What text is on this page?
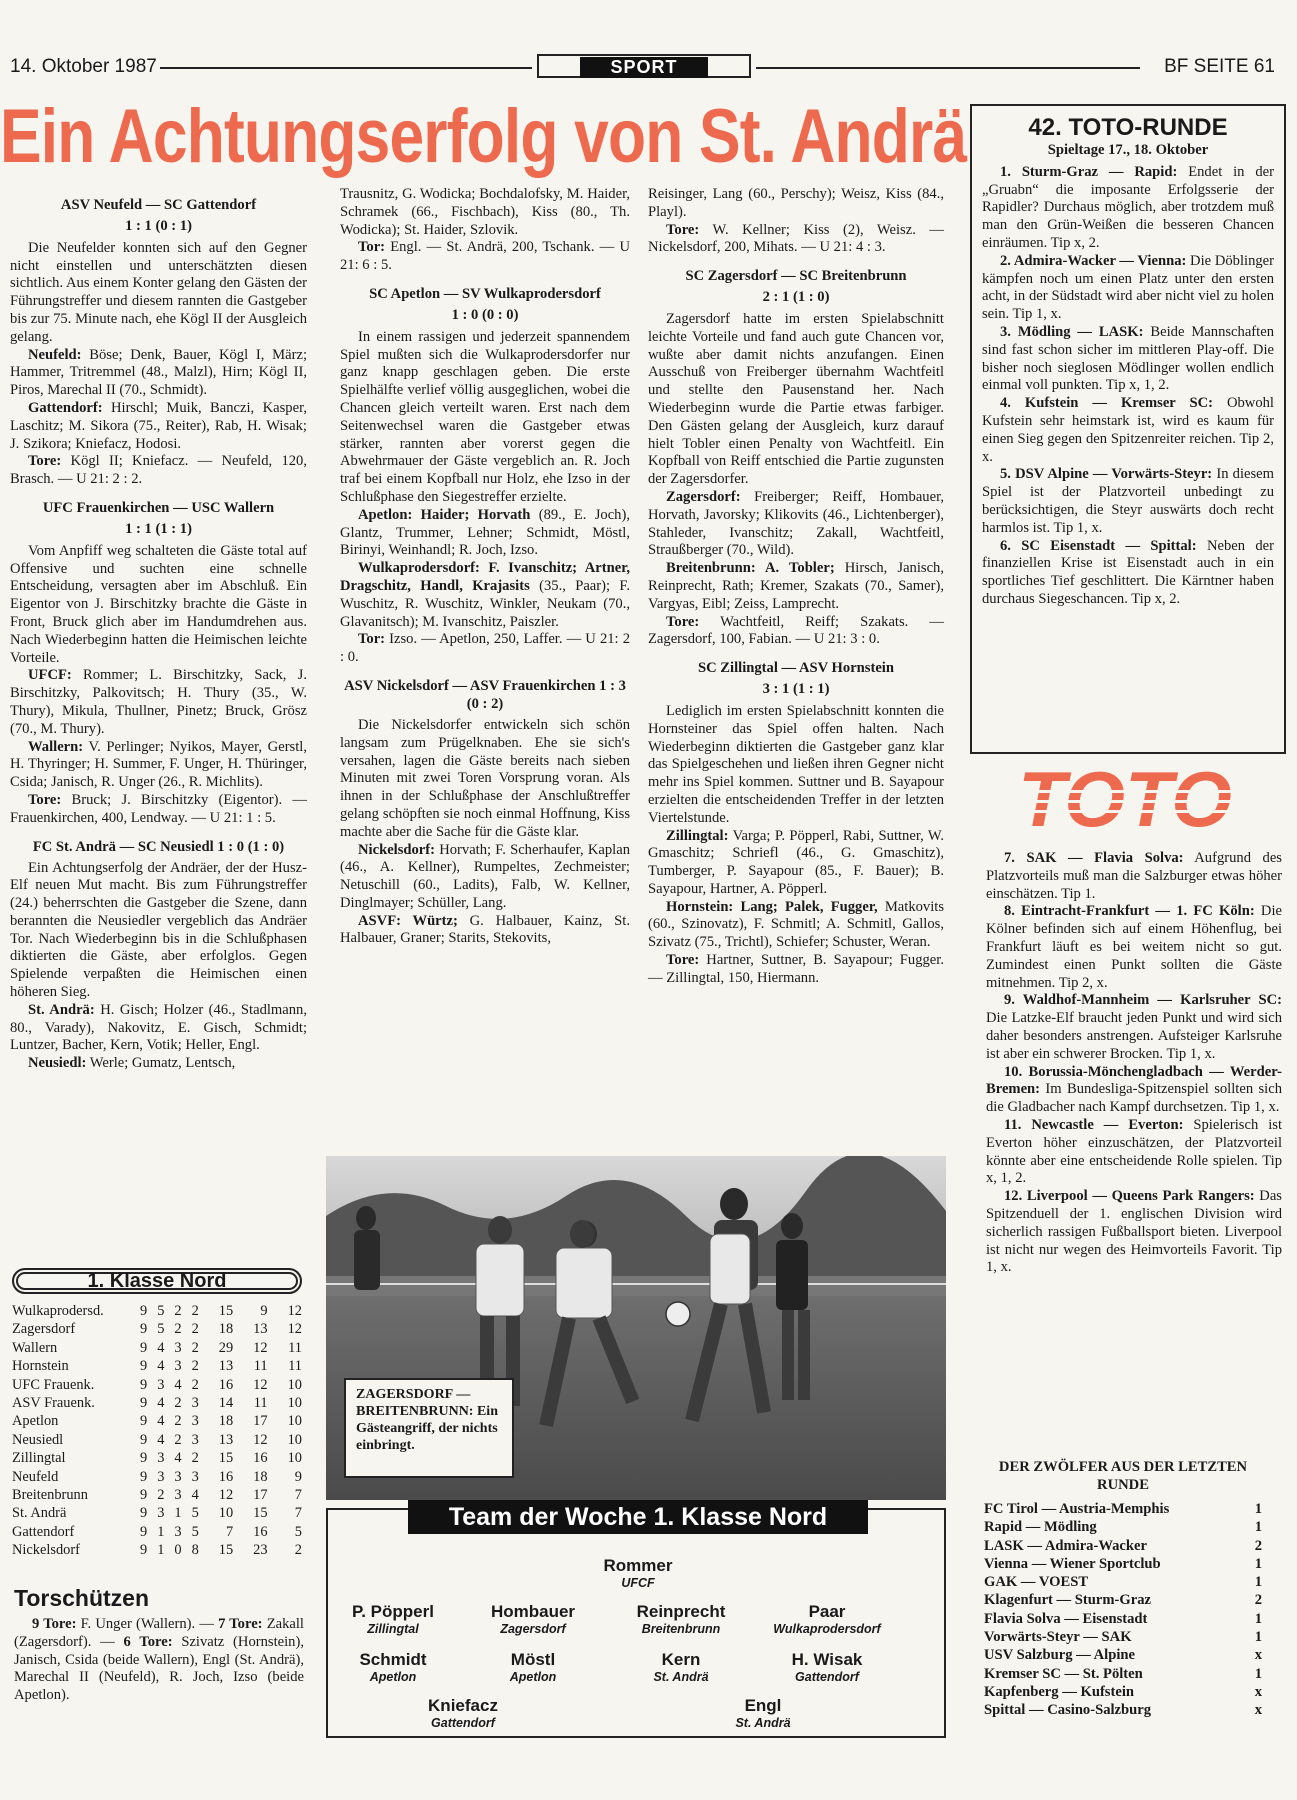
14. Oktober 1987	SPORT	BF SEITE 61
Ein Achtungserfolg von St. Andrä
ASV Neufeld — SC Gattendorf

1 : 1 (0 : 1)

Die Neufelder konnten sich auf den Gegner nicht einstellen und unterschätzten diesen sichtlich. Aus einem Konter gelang den Gästen der Führungstreffer und diesem rannten die Gastgeber bis zur 75. Minute nach, ehe Kögl II der Ausgleich gelang.

Neufeld: Böse; Denk, Bauer, Kögl I, März; Hammer, Tritremmel (48., Malzl), Hirn; Kögl II, Piros, Marechal II (70., Schmidt).

Gattendorf: Hirschl; Muik, Banczi, Kasper, Laschitz; M. Sikora (75., Reiter), Rab, H. Wisak; J. Szikora; Kniefacz, Hodosi.

Tore: Kögl II; Kniefacz. — Neufeld, 120, Brasch. — U 21: 2 : 2.

UFC Frauenkirchen — USC Wallern

1 : 1 (1 : 1)

Vom Anpfiff weg schalteten die Gäste total auf Offensive und suchten eine schnelle Entscheidung, versagten aber im Abschluß. Ein Eigentor von J. Birschitzky brachte die Gäste in Front, Bruck glich aber im Handumdrehen aus. Nach Wiederbeginn hatten die Heimischen leichte Vorteile.

UFCF: Rommer; L. Birschitzky, Sack, J. Birschitzky, Palkovitsch; H. Thury (35., W. Thury), Mikula, Thullner, Pinetz; Bruck, Grösz (70., M. Thury).

Wallern: V. Perlinger; Nyikos, Mayer, Gerstl, H. Thyringer; H. Summer, F. Unger, H. Thüringer, Csida; Janisch, R. Unger (26., R. Michlits).

Tore: Bruck; J. Birschitzky (Eigentor). — Frauenkirchen, 400, Lendway. — U 21: 1 : 5.

FC St. Andrä — SC Neusiedl 1 : 0 (1 : 0)

Ein Achtungserfolg der Andräer, der der Husz-Elf neuen Mut macht. Bis zum Führungstreffer (24.) beherrschten die Gastgeber die Szene, dann berannten die Neusiedler vergeblich das Andräer Tor. Nach Wiederbeginn bis in die Schlußphasen diktierten die Gäste, aber erfolglos. Gegen Spielende verpaßten die Heimischen einen höheren Sieg.

St. Andrä: H. Gisch; Holzer (46., Stadlmann, 80., Varady), Nakovitz, E. Gisch, Schmidt; Luntzer, Bacher, Kern, Votik; Heller, Engl.

Neusiedl: Werle; Gumatz, Lentsch,

Trausnitz, G. Wodicka; Bochdalofsky, M. Haider, Schramek (66., Fischbach), Kiss (80., Th. Wodicka); St. Haider, Szlovik.

Tor: Engl. — St. Andrä, 200, Tschank. — U 21: 6 : 5.

SC Apetlon — SV Wulkaprodersdorf

1 : 0 (0 : 0)

In einem rassigen und jederzeit spannendem Spiel mußten sich die Wulkaprodersdorfer nur ganz knapp geschlagen geben. Die erste Spielhälfte verlief völlig ausgeglichen, wobei die Chancen gleich verteilt waren. Erst nach dem Seitenwechsel waren die Gastgeber etwas stärker, rannten aber vorerst gegen die Abwehrmauer der Gäste vergeblich an. R. Joch traf bei einem Kopfball nur Holz, ehe Izso in der Schlußphase den Siegestreffer erzielte.

Apetlon: Haider; Horvath (89., E. Joch), Glantz, Trummer, Lehner; Schmidt, Möstl, Birinyi, Weinhandl; R. Joch, Izso.

Wulkaprodersdorf: F. Ivanschitz; Artner, Dragschitz, Handl, Krajasits (35., Paar); F. Wuschitz, R. Wuschitz, Winkler, Neukam (70., Glavanitsch); M. Ivanschitz, Paiszler.

Tor: Izso. — Apetlon, 250, Laffer. — U 21: 2 : 0.

ASV Nickelsdorf — ASV Frauenkirchen 1 : 3 (0 : 2)

Die Nickelsdorfer entwickeln sich schön langsam zum Prügelknaben. Ehe sie sich's versahen, lagen die Gäste bereits nach sieben Minuten mit zwei Toren Vorsprung voran. Als ihnen in der Schlußphase der Anschlußtreffer gelang schöpften sie noch einmal Hoffnung, Kiss machte aber die Sache für die Gäste klar.

Nickelsdorf: Horvath; F. Scherhaufer, Kaplan (46., A. Kellner), Rumpeltes, Zechmeister; Netuschill (60., Ladits), Falb, W. Kellner, Dinglmayer; Schüller, Lang.

ASVF: Würtz; G. Halbauer, Kainz, St. Halbauer, Graner; Starits, Stekovits,

Reisinger, Lang (60., Perschy); Weisz, Kiss (84., Playl).

Tore: W. Kellner; Kiss (2), Weisz. — Nickelsdorf, 200, Mihats. — U 21: 4 : 3.

SC Zagersdorf — SC Breitenbrunn

2 : 1 (1 : 0)

Zagersdorf hatte im ersten Spielabschnitt leichte Vorteile und fand auch gute Chancen vor, wußte aber damit nichts anzufangen. Einen Ausschuß von Freiberger übernahm Wachtfeitl und stellte den Pausenstand her. Nach Wiederbeginn wurde die Partie etwas farbiger. Den Gästen gelang der Ausgleich, kurz darauf hielt Tobler einen Penalty von Wachtfeitl. Ein Kopfball von Reiff entschied die Partie zugunsten der Zagersdorfer.

Zagersdorf: Freiberger; Reiff, Hombauer, Horvath, Javorsky; Klikovits (46., Lichtenberger), Stahleder, Ivanschitz; Zakall, Wachtfeitl, Straußberger (70., Wild).

Breitenbrunn: A. Tobler; Hirsch, Janisch, Reinprecht, Rath; Kremer, Szakats (70., Samer), Vargyas, Eibl; Zeiss, Lamprecht.

Tore: Wachtfeitl, Reiff; Szakats. — Zagersdorf, 100, Fabian. — U 21: 3 : 0.

SC Zillingtal — ASV Hornstein

3 : 1 (1 : 1)

Lediglich im ersten Spielabschnitt konnten die Hornsteiner das Spiel offen halten. Nach Wiederbeginn diktierten die Gastgeber ganz klar das Spielgeschehen und ließen ihren Gegner nicht mehr ins Spiel kommen. Suttner und B. Sayapour erzielten die entscheidenden Treffer in der letzten Viertelstunde.

Zillingtal: Varga; P. Pöpperl, Rabi, Suttner, W. Gmaschitz; Schriefl (46., G. Gmaschitz), Tumberger, P. Sayapour (85., F. Bauer); B. Sayapour, Hartner, A. Pöpperl.

Hornstein: Lang; Palek, Fugger, Matkovits (60., Szinovatz), F. Schmitl; A. Schmitl, Gallos, Szivatz (75., Trichtl), Schiefer; Schuster, Weran.

Tore: Hartner, Suttner, B. Sayapour; Fugger. — Zillingtal, 150, Hiermann.

42. TOTO-RUNDE
Spieltage 17., 18. Oktober

1. Sturm-Graz — Rapid: Endet in der „Gruabn“ die imposante Erfolgsserie der Rapidler? Durchaus möglich, aber trotzdem muß man den Grün-Weißen die besseren Chancen einräumen. Tip x, 2.

2. Admira-Wacker — Vienna: Die Döblinger kämpfen noch um einen Platz unter den ersten acht, in der Südstadt wird aber nicht viel zu holen sein. Tip 1, x.

3. Mödling — LASK: Beide Mannschaften sind fast schon sicher im mittleren Play-off. Die bisher noch sieglosen Mödlinger wollen endlich einmal voll punkten. Tip x, 1, 2.

4. Kufstein — Kremser SC: Obwohl Kufstein sehr heimstark ist, wird es kaum für einen Sieg gegen den Spitzenreiter reichen. Tip 2, x.

5. DSV Alpine — Vorwärts-Steyr: In diesem Spiel ist der Platzvorteil unbedingt zu berücksichtigen, die Steyr auswärts doch recht harmlos ist. Tip 1, x.

6. SC Eisenstadt — Spittal: Neben der finanziellen Krise ist Eisenstadt auch in ein sportliches Tief geschlittert. Die Kärntner haben durchaus Siegeschancen. Tip x, 2.

7. SAK — Flavia Solva: Aufgrund des Platzvorteils muß man die Salzburger etwas höher einschätzen. Tip 1.

8. Eintracht-Frankfurt — 1. FC Köln: Die Kölner befinden sich auf einem Höhenflug, bei Frankfurt läuft es bei weitem nicht so gut. Zumindest einen Punkt sollten die Gäste mitnehmen. Tip 2, x.

9. Waldhof-Mannheim — Karlsruher SC: Die Latzke-Elf braucht jeden Punkt und wird sich daher besonders anstrengen. Aufsteiger Karlsruhe ist aber ein schwerer Brocken. Tip 1, x.

10. Borussia-Mönchengladbach — Werder-Bremen: Im Bundesliga-Spitzenspiel sollten sich die Gladbacher nach Kampf durchsetzen. Tip 1, x.

11. Newcastle — Everton: Spielerisch ist Everton höher einzuschätzen, der Platzvorteil könnte aber eine entscheidende Rolle spielen. Tip x, 1, 2.

12. Liverpool — Queens Park Rangers: Das Spitzenduell der 1. englischen Division wird sicherlich rassigen Fußballsport bieten. Liverpool ist nicht nur wegen des Heimvorteils Favorit. Tip 1, x.

DER ZWÖLFER AUS DER LETZTEN RUNDE
FC Tirol — Austria-Memphis	1
Rapid — Mödling	1
LASK — Admira-Wacker	2
Vienna — Wiener Sportclub	1
GAK — VOEST	1
Klagenfurt — Sturm-Graz	2
Flavia Solva — Eisenstadt	1
Vorwärts-Steyr — SAK	1
USV Salzburg — Alpine	x
Kremser SC — St. Pölten	1
Kapfenberg — Kufstein	x
Spittal — Casino-Salzburg	x
1. Klasse Nord
Wulkaprodersd.	9	5	2	2	15	9	12
Zagersdorf	9	5	2	2	18	13	12
Wallern	9	4	3	2	29	12	11
Hornstein	9	4	3	2	13	11	11
UFC Frauenk.	9	3	4	2	16	12	10
ASV Frauenk.	9	4	2	3	14	11	10
Apetlon	9	4	2	3	18	17	10
Neusiedl	9	4	2	3	13	12	10
Zillingtal	9	3	4	2	15	16	10
Neufeld	9	3	3	3	16	18	9
Breitenbrunn	9	2	3	4	12	17	7
St. Andrä	9	3	1	5	10	15	7
Gattendorf	9	1	3	5	7	16	5
Nickelsdorf	9	1	0	8	15	23	2
Torschützen

9 Tore: F. Unger (Wallern). — 7 Tore: Zakall (Zagersdorf). — 6 Tore: Szivatz (Hornstein), Janisch, Csida (beide Wallern), Engl (St. Andrä), Marechal II (Neufeld), R. Joch, Izso (beide Apetlon).

ZAGERSDORF — BREITENBRUNN: Ein Gästeangriff, der nichts einbringt.
Team der Woche 1. Klasse Nord
Rommer
UFCF
P. Pöpperl
Zillingtal
Hombauer
Zagersdorf
Reinprecht
Breitenbrunn
Paar
Wulkaprodersdorf
Schmidt
Apetlon
Möstl
Apetlon
Kern
St. Andrä
H. Wisak
Gattendorf
Kniefacz
Gattendorf
Engl
St. Andrä
